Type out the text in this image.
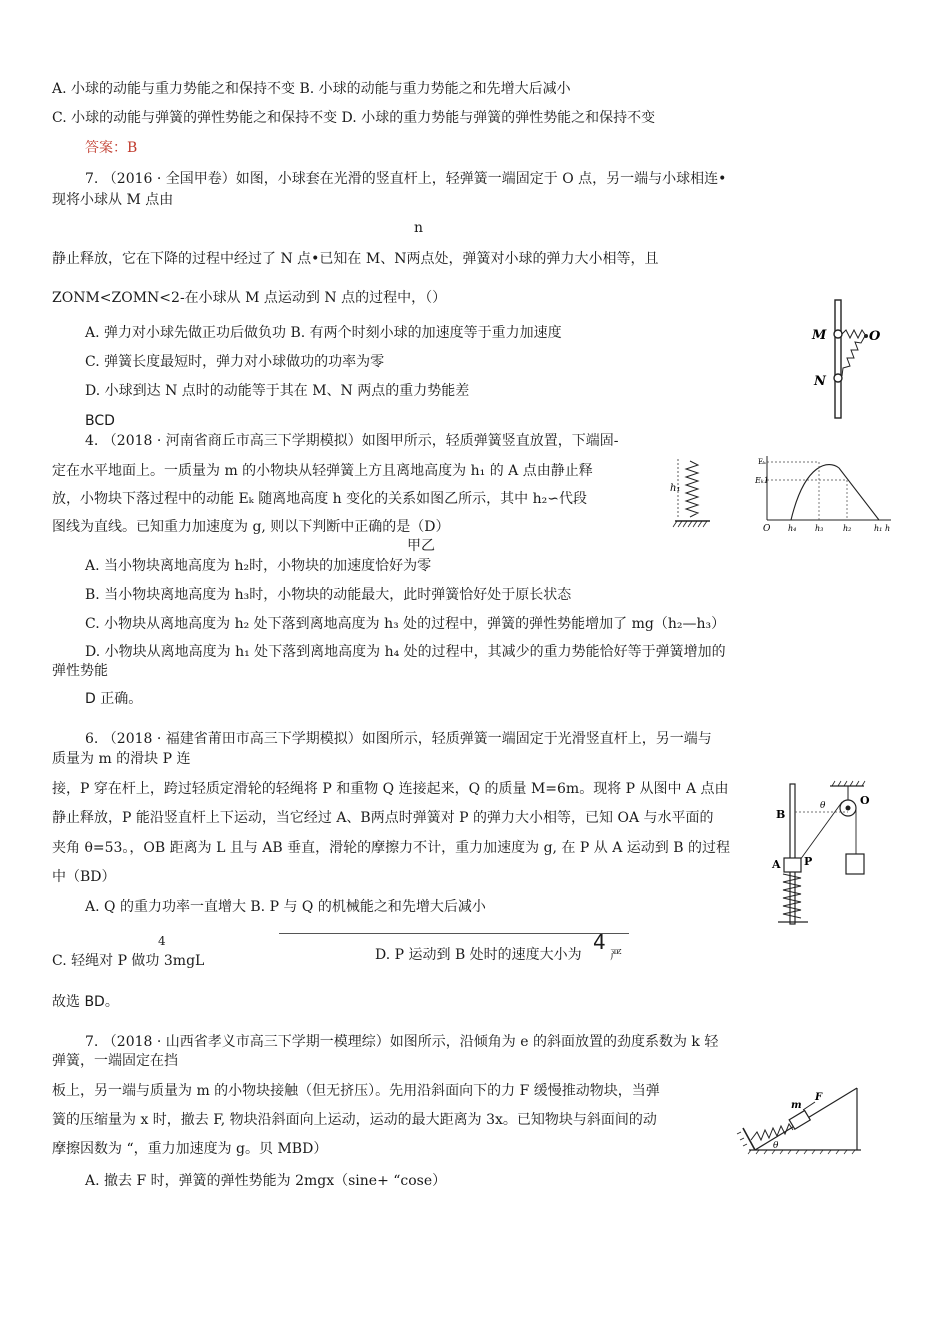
A. 小球的动能与重力势能之和保持不变 B. 小球的动能与重力势能之和先增大后减小
C. 小球的动能与弹簧的弹性势能之和保持不变 D. 小球的重力势能与弹簧的弹性势能之和保持不变
答案：B
7. （2016 · 全国甲卷）如图，小球套在光滑的竖直杆上，轻弹簧一端固定于 O 点，另一端与小球相连•
现将小球从 M 点由
n
静止释放，它在下降的过程中经过了 N 点•已知在 M、N两点处，弹簧对小球的弹力大小相等，且
ZONM<ZOMN<2-在小球从 M 点运动到 N 点的过程中，（）
A. 弹力对小球先做正功后做负功 B. 有两个时刻小球的加速度等于重力加速度
C. 弹簧长度最短时，弹力对小球做功的功率为零
D. 小球到达 N 点时的动能等于其在 M、N 两点的重力势能差
BCD
4. （2018 · 河南省商丘市高三下学期模拟）如图甲所示，轻质弹簧竖直放置，下端固-
定在水平地面上。一质量为 m 的小物块从轻弹簧上方且离地高度为 h₁ 的 A 点由静止释
放，小物块下落过程中的动能 Eₖ 随离地高度 h 变化的关系如图乙所示，其中 h₂∽代段
图线为直线。已知重力加速度为 g, 则以下判断中正确的是（D）
甲乙
A. 当小物块离地高度为 h₂时，小物块的加速度恰好为零
B. 当小物块离地高度为 h₃时，小物块的动能最大，此时弹簧恰好处于原长状态
C. 小物块从离地高度为 h₂ 处下落到离地高度为 h₃ 处的过程中，弹簧的弹性势能增加了 mg（h₂—h₃）
D. 小物块从离地高度为 h₁ 处下落到离地高度为 h₄ 处的过程中，其减少的重力势能恰好等于弹簧增加的
弹性势能
D 正确。
6. （2018 · 福建省莆田市高三下学期模拟）如图所示，轻质弹簧一端固定于光滑竖直杆上，另一端与
质量为 m 的滑块 P 连
接，P 穿在杆上，跨过轻质定滑轮的轻绳将 P 和重物 Q 连接起来，Q 的质量 M=6m。现将 P 从图中 A 点由
静止释放，P 能沿竖直杆上下运动，当它经过 A、B两点时弹簧对 P 的弹力大小相等，已知 OA 与水平面的
夹角 θ=53。，OB 距离为 L 且与 AB 垂直，滑轮的摩擦力不计，重力加速度为 g, 在 P 从 A 运动到 B 的过程
中（BD）
A. Q 的重力功率一直增大 B. P 与 Q 的机械能之和先增大后减小
4
C. 轻绳对 P 做功 3mgL	D. P 运动到 B 处时的速度大小为
4
严
故选 BD。
7. （2018 · 山西省孝义市高三下学期一模理综）如图所示，沿倾角为 e 的斜面放置的劲度系数为 k 轻
弹簧，一端固定在挡
板上，另一端与质量为 m 的小物块接触（但无挤压）。先用沿斜面向下的力 F 缓慢推动物块，当弹
簧的压缩量为 x 时，撤去 F, 物块沿斜面向上运动，运动的最大距离为 3x。已知物块与斜面间的动
摩擦因数为 “，重力加速度为 g。贝 MBD）
A. 撤去 F 时，弹簧的弹性势能为 2mgx（sinе+ “cosе）
M	O
N
h₁
Eₖ
Eₖ1
O h₄ h₃ h₂	h₁ h
B
θ	O
A P
m
F
θ
